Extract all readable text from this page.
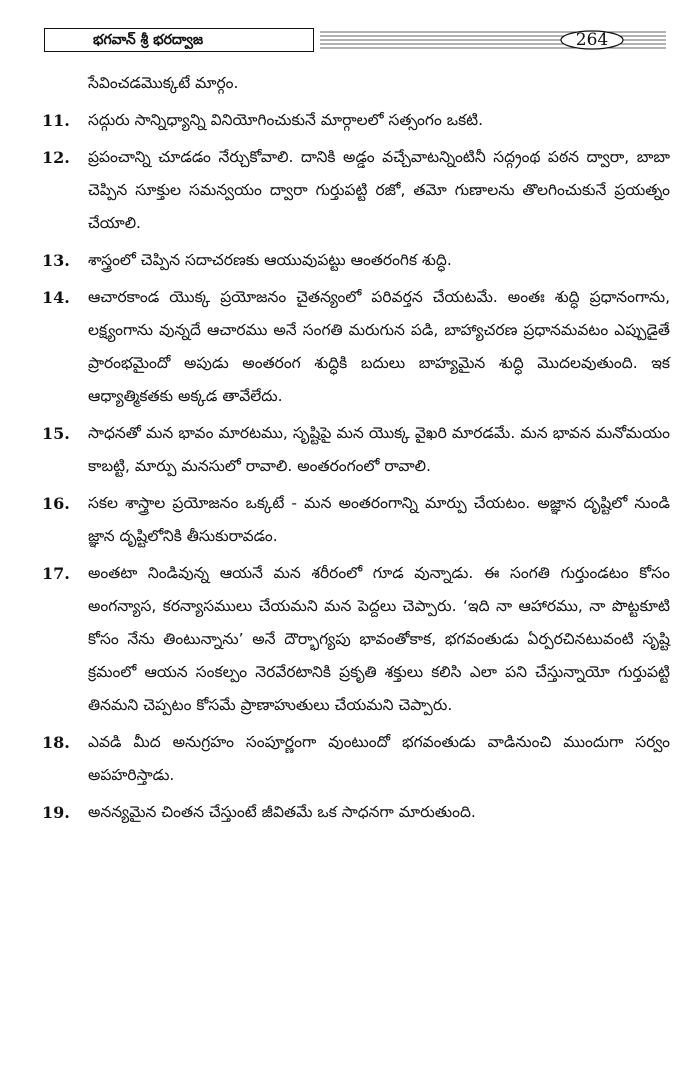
భగవాన్ శ్రీ భరద్వాజ	264
సేవించడమొక్కటే మార్గం.
11. సద్గురు సాన్నిధ్యాన్ని వినియోగించుకునే మార్గాలలో సత్సంగం ఒకటి.
12. ప్రపంచాన్ని చూడడం నేర్చుకోవాలి. దానికి అడ్డం వచ్చేవాటన్నింటినీ సద్గ్రంథ పఠన ద్వారా, బాబా చెప్పిన సూక్తుల సమన్వయం ద్వారా గుర్తుపట్టి రజో, తమో గుణాలను తొలగించుకునే ప్రయత్నం చేయాలి.
13. శాస్త్రంలో చెప్పిన సదాచరణకు ఆయువుపట్టు ఆంతరంగిక శుద్ధి.
14. ఆచారకాండ యొక్క ప్రయోజనం చైతన్యంలో పరివర్తన చేయటమే. అంతః శుద్ధి ప్రధానంగాను, లక్ష్యంగాను వున్నదే ఆచారము అనే సంగతి మరుగున పడి, బాహ్యాచరణ ప్రధానమవటం ఎప్పుడైతే ప్రారంభమైందో అపుడు అంతరంగ శుద్ధికి బదులు బాహ్యమైన శుద్ధి మొదలవుతుంది. ఇక ఆధ్యాత్మికతకు అక్కడ తావేలేదు.
15. సాధనతో మన భావం మారటము, సృష్టిపై మన యొక్క వైఖరి మారడమే. మన భావన మనోమయం కాబట్టి, మార్పు మనసులో రావాలి. అంతరంగంలో రావాలి.
16. సకల శాస్త్రాల ప్రయోజనం ఒక్కటే - మన అంతరంగాన్ని మార్పు చేయటం. అజ్ఞాన దృష్టిలో నుండి జ్ఞాన దృష్టిలోనికి తీసుకురావడం.
17. అంతటా నిండివున్న ఆయనే మన శరీరంలో గూడ వున్నాడు. ఈ సంగతి గుర్తుండటం కోసం అంగన్యాస, కరన్యాసములు చేయమని మన పెద్దలు చెప్పారు. ‘ఇది నా ఆహారము, నా పొట్టకూటి కోసం నేను తింటున్నాను’ అనే దౌర్భాగ్యపు భావంతోకాక, భగవంతుడు ఏర్పరచినటువంటి సృష్టి క్రమంలో ఆయన సంకల్పం నెరవేరటానికి ప్రకృతి శక్తులు కలిసి ఎలా పని చేస్తున్నాయో గుర్తుపట్టి తినమని చెప్పటం కోసమే ప్రాణాహుతులు చేయమని చెప్పారు.
18. ఎవడి మీద అనుగ్రహం సంపూర్ణంగా వుంటుందో భగవంతుడు వాడినుంచి ముందుగా సర్వం అపహరిస్తాడు.
19. అనన్యమైన చింతన చేస్తుంటే జీవితమే ఒక సాధనగా మారుతుంది.
